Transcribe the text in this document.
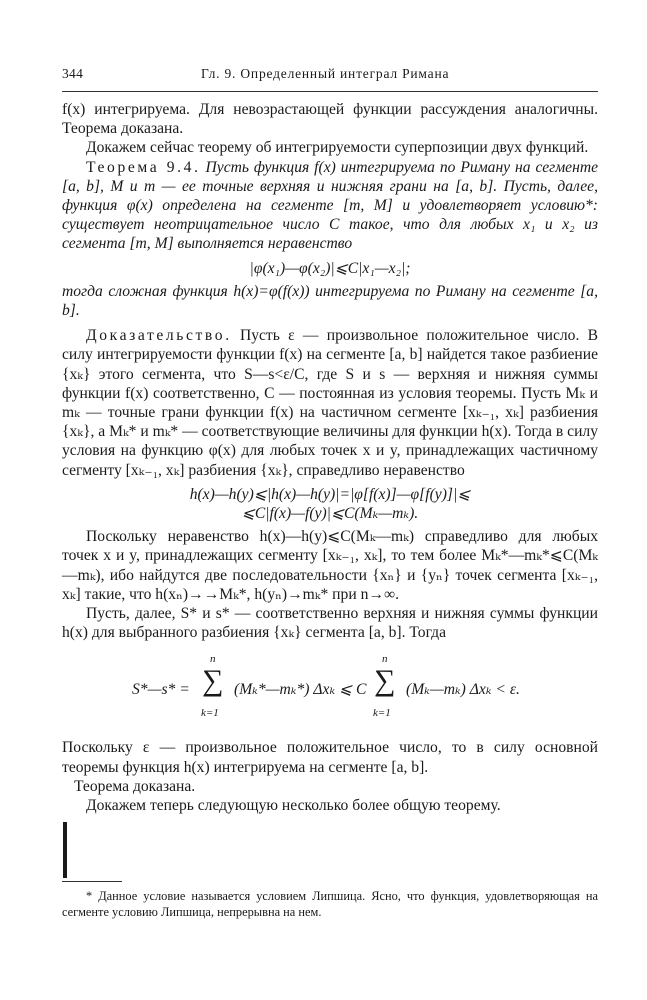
344	Гл. 9. Определенный интеграл Римана

f(x) интегрируема. Для невозрастающей функции рассуждения аналогичны. Теорема доказана.

Докажем сейчас теорему об интегрируемости суперпозиции двух функций.

Теорема 9.4. Пусть функция f(x) интегрируема по Риману на сегменте [a, b], M и m — ее точные верхняя и нижняя грани на [a, b]. Пусть, далее, функция φ(x) определена на сегменте [m, M] и удовлетворяет условию*: существует неотрицательное число C такое, что для любых x₁ и x₂ из сегмента [m, M] выполняется неравенство

|φ(x₁)—φ(x₂)|⩽C|x₁—x₂|;

тогда сложная функция h(x)=φ(f(x)) интегрируема по Риману на сегменте [a, b].

Доказательство. Пусть ε — произвольное положительное число. В силу интегрируемости функции f(x) на сегменте [a, b] найдется такое разбиение {xₖ} этого сегмента, что S—s<ε/C, где S и s — верхняя и нижняя суммы функции f(x) соответственно, C — постоянная из условия теоремы. Пусть Mₖ и mₖ — точные грани функции f(x) на частичном сегменте [xₖ₋₁, xₖ] разбиения {xₖ}, а Mₖ* и mₖ* — соответствующие величины для функции h(x). Тогда в силу условия на функцию φ(x) для любых точек x и y, принадлежащих частичному сегменту [xₖ₋₁, xₖ] разбиения {xₖ}, справедливо неравенство

h(x)—h(y)⩽|h(x)—h(y)|=|φ[f(x)]—φ[f(y)]|⩽
⩽C|f(x)—f(y)|⩽C(Mₖ—mₖ).

Поскольку неравенство h(x)—h(y)⩽C(Mₖ—mₖ) справедливо для любых точек x и y, принадлежащих сегменту [xₖ₋₁, xₖ], то тем более Mₖ*—mₖ*⩽C(Mₖ—mₖ), ибо найдутся две последовательности {xₙ} и {yₙ} точек сегмента [xₖ₋₁, xₖ] такие, что h(xₙ)→→Mₖ*, h(yₙ)→mₖ* при n→∞.

Пусть, далее, S* и s* — соответственно верхняя и нижняя суммы функции h(x) для выбранного разбиения {xₖ} сегмента [a, b]. Тогда

S*—s* =
n
∑
k=1
(Mₖ*—mₖ*) Δxₖ ⩽ C
n
∑
k=1
(Mₖ—mₖ) Δxₖ < ε.

Поскольку ε — произвольное положительное число, то в силу основной теоремы функция h(x) интегрируема на сегменте [a, b].

Теорема доказана.

Докажем теперь следующую несколько более общую теорему.

* Данное условие называется условием Липшица. Ясно, что функция, удовлетворяющая на сегменте условию Липшица, непрерывна на нем.
